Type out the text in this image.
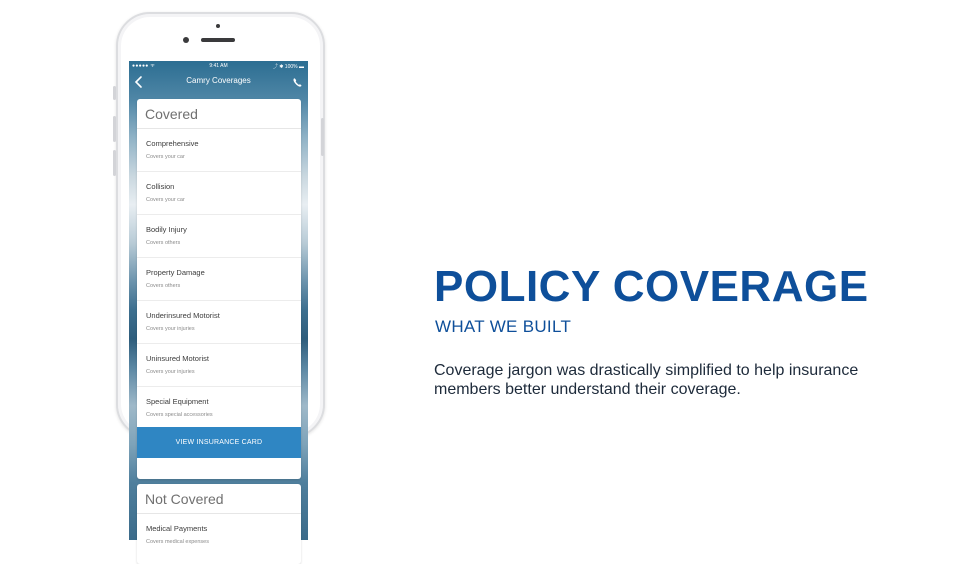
●●●●● ᯤ	9:41 AM	⤴ ✱ 100% ▬
Camry Coverages
Covered
Comprehensive
Covers your car
Collision
Covers your car
Bodily Injury
Covers others
Property Damage
Covers others
Underinsured Motorist
Covers your injuries
Uninsured Motorist
Covers your injuries
Special Equipment
Covers special accessories
VIEW INSURANCE CARD
Not Covered
Medical Payments
Covers medical expenses
POLICY COVERAGE
WHAT WE BUILT
Coverage jargon was drastically simplified to help insurance members better understand their coverage.
